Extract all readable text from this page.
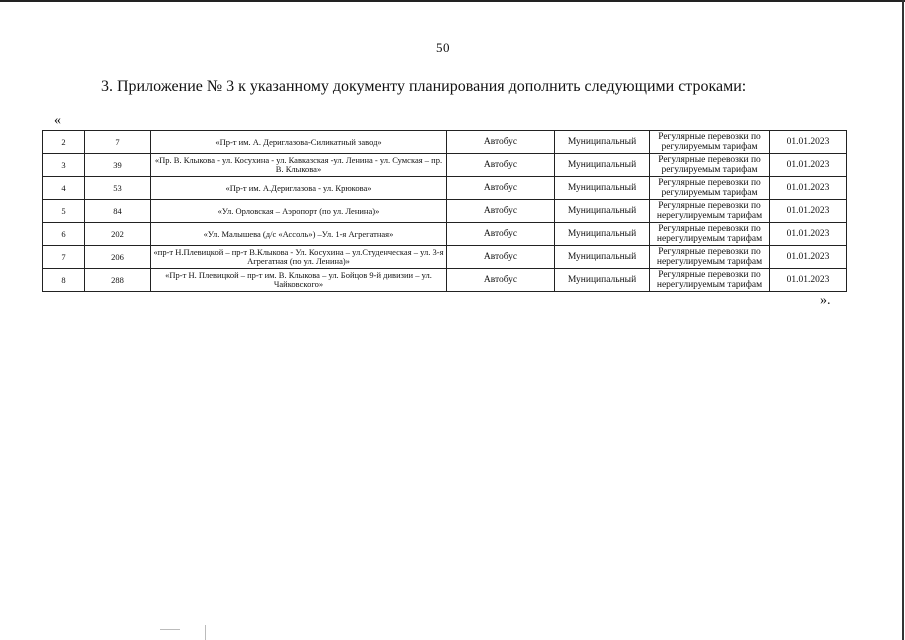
50
3. Приложение № 3 к указанному документу планирования дополнить следующими строками:
«
2	7	«Пр-т им. А. Дериглазова-Силикатный завод»	Автобус	Муниципальный	Регулярные перевозки по регулируемым тарифам	01.01.2023
3	39	«Пр. В. Клыкова - ул. Косухина - ул. Кавказская -ул. Ленина - ул. Сумская – пр. В. Клыкова»	Автобус	Муниципальный	Регулярные перевозки по регулируемым тарифам	01.01.2023
4	53	«Пр-т им. А.Дериглазова - ул. Крюкова»	Автобус	Муниципальный	Регулярные перевозки по регулируемым тарифам	01.01.2023
5	84	«Ул. Орловская – Аэропорт (по ул. Ленина)»	Автобус	Муниципальный	Регулярные перевозки по нерегулируемым тарифам	01.01.2023
6	202	«Ул. Малышева (д/с «Ассоль») –Ул. 1-я Агрегатная»	Автобус	Муниципальный	Регулярные перевозки по нерегулируемым тарифам	01.01.2023
7	206	«пр-т Н.Плевицкой – пр-т В.Клыкова - Ул. Косухина – ул.Студенческая – ул. 3-я Агрегатная (по ул. Ленина)»	Автобус	Муниципальный	Регулярные перевозки по нерегулируемым тарифам	01.01.2023
8	288	«Пр-т Н. Плевицкой – пр-т им. В. Клыкова – ул. Бойцов 9-й дивизии – ул. Чайковского»	Автобус	Муниципальный	Регулярные перевозки по нерегулируемым тарифам	01.01.2023
».
